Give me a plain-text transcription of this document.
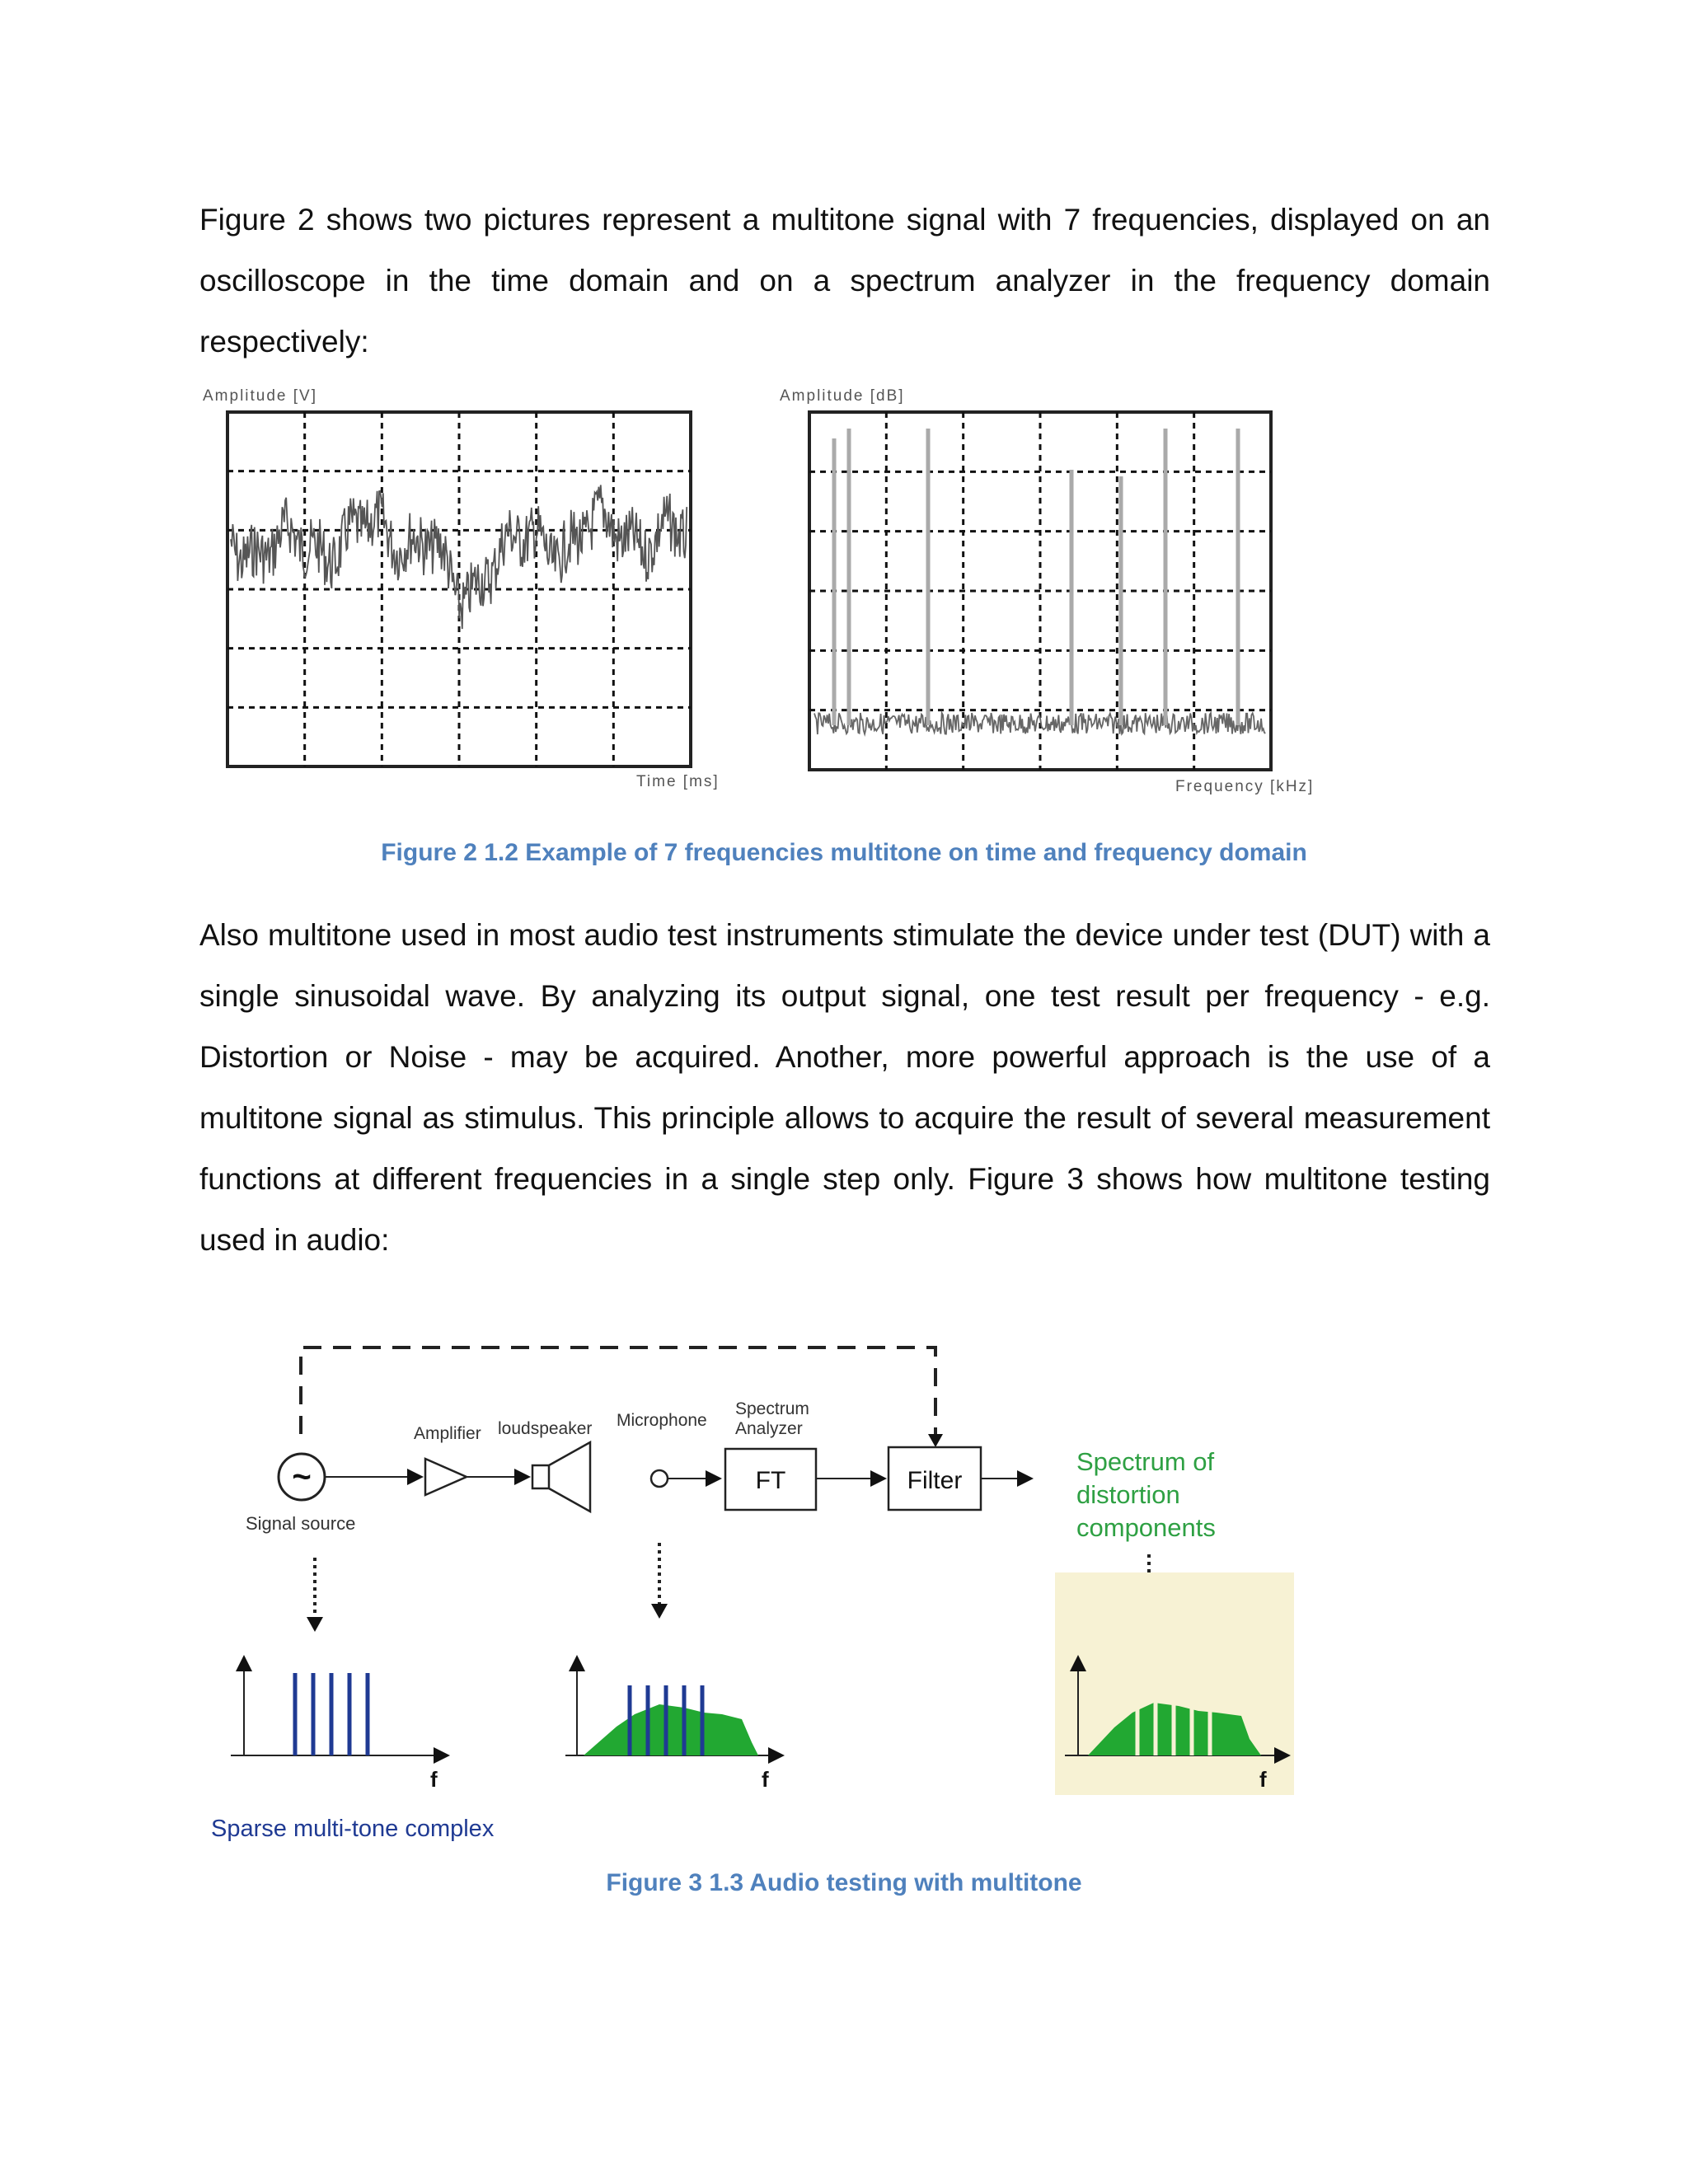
Figure 2 shows two pictures represent a multitone signal with 7 frequencies, displayed on an oscilloscope in the time domain and on a spectrum analyzer in the frequency domain respectively:

Amplitude [V]
Time [ms]
Amplitude [dB]
Frequency [kHz]

Figure 2 1.2 Example of 7 frequencies multitone on time and frequency domain

Also multitone used in most audio test instruments stimulate the device under test (DUT) with a single sinusoidal wave. By analyzing its output signal, one test result per frequency - e.g. Distortion or Noise - may be acquired. Another, more powerful approach is the use of a multitone signal as stimulus. This principle allows to acquire the result of several measurement functions at different frequencies in a single step only. Figure 3 shows how multitone testing used in audio:

~
Signal source
Amplifier loudspeaker Microphone
Spectrum
Analyzer
FT	Filter
Spectrum of
distortion
components
f	f	f
Sparse multi-tone complex

Figure 3 1.3 Audio testing with multitone
